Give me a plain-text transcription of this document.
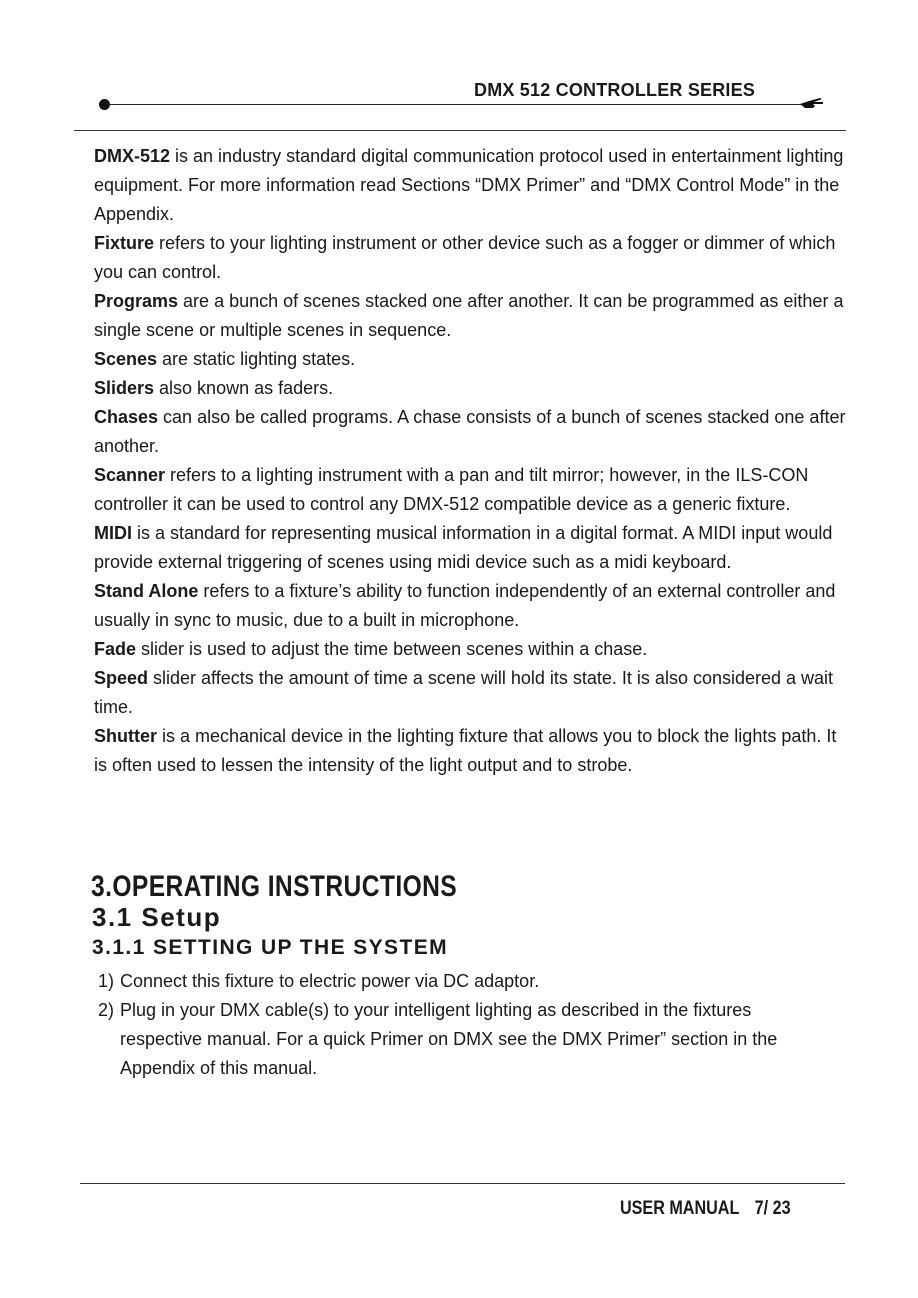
DMX 512 CONTROLLER SERIES

DMX-512 is an industry standard digital communication protocol used in entertainment lighting equipment. For more information read Sections “DMX Primer” and “DMX Control Mode” in the Appendix.

Fixture refers to your lighting instrument or other device such as a fogger or dimmer of which you can control.

Programs are a bunch of scenes stacked one after another. It can be programmed as either a single scene or multiple scenes in sequence.

Scenes are static lighting states.

Sliders also known as faders.

Chases can also be called programs. A chase consists of a bunch of scenes stacked one after another.

Scanner refers to a lighting instrument with a pan and tilt mirror; however, in the ILS-CON controller it can be used to control any DMX-512 compatible device as a generic fixture.

MIDI is a standard for representing musical information in a digital format. A MIDI input would provide external triggering of scenes using midi device such as a midi keyboard.

Stand Alone refers to a fixture’s ability to function independently of an external controller and usually in sync to music, due to a built in microphone.

Fade slider is used to adjust the time between scenes within a chase.

Speed slider affects the amount of time a scene will hold its state. It is also considered a wait time.

Shutter is a mechanical device in the lighting fixture that allows you to block the lights path. It is often used to lessen the intensity of the light output and to strobe.

3.OPERATING INSTRUCTIONS
3.1 Setup
3.1.1 SETTING UP THE SYSTEM
1) Connect this fixture to electric power via DC adaptor.
2) Plug in your DMX cable(s) to your intelligent lighting as described in the fixtures respective manual. For a quick Primer on DMX see the DMX Primer” section in the Appendix of this manual.
USER MANUAL 7/ 23
